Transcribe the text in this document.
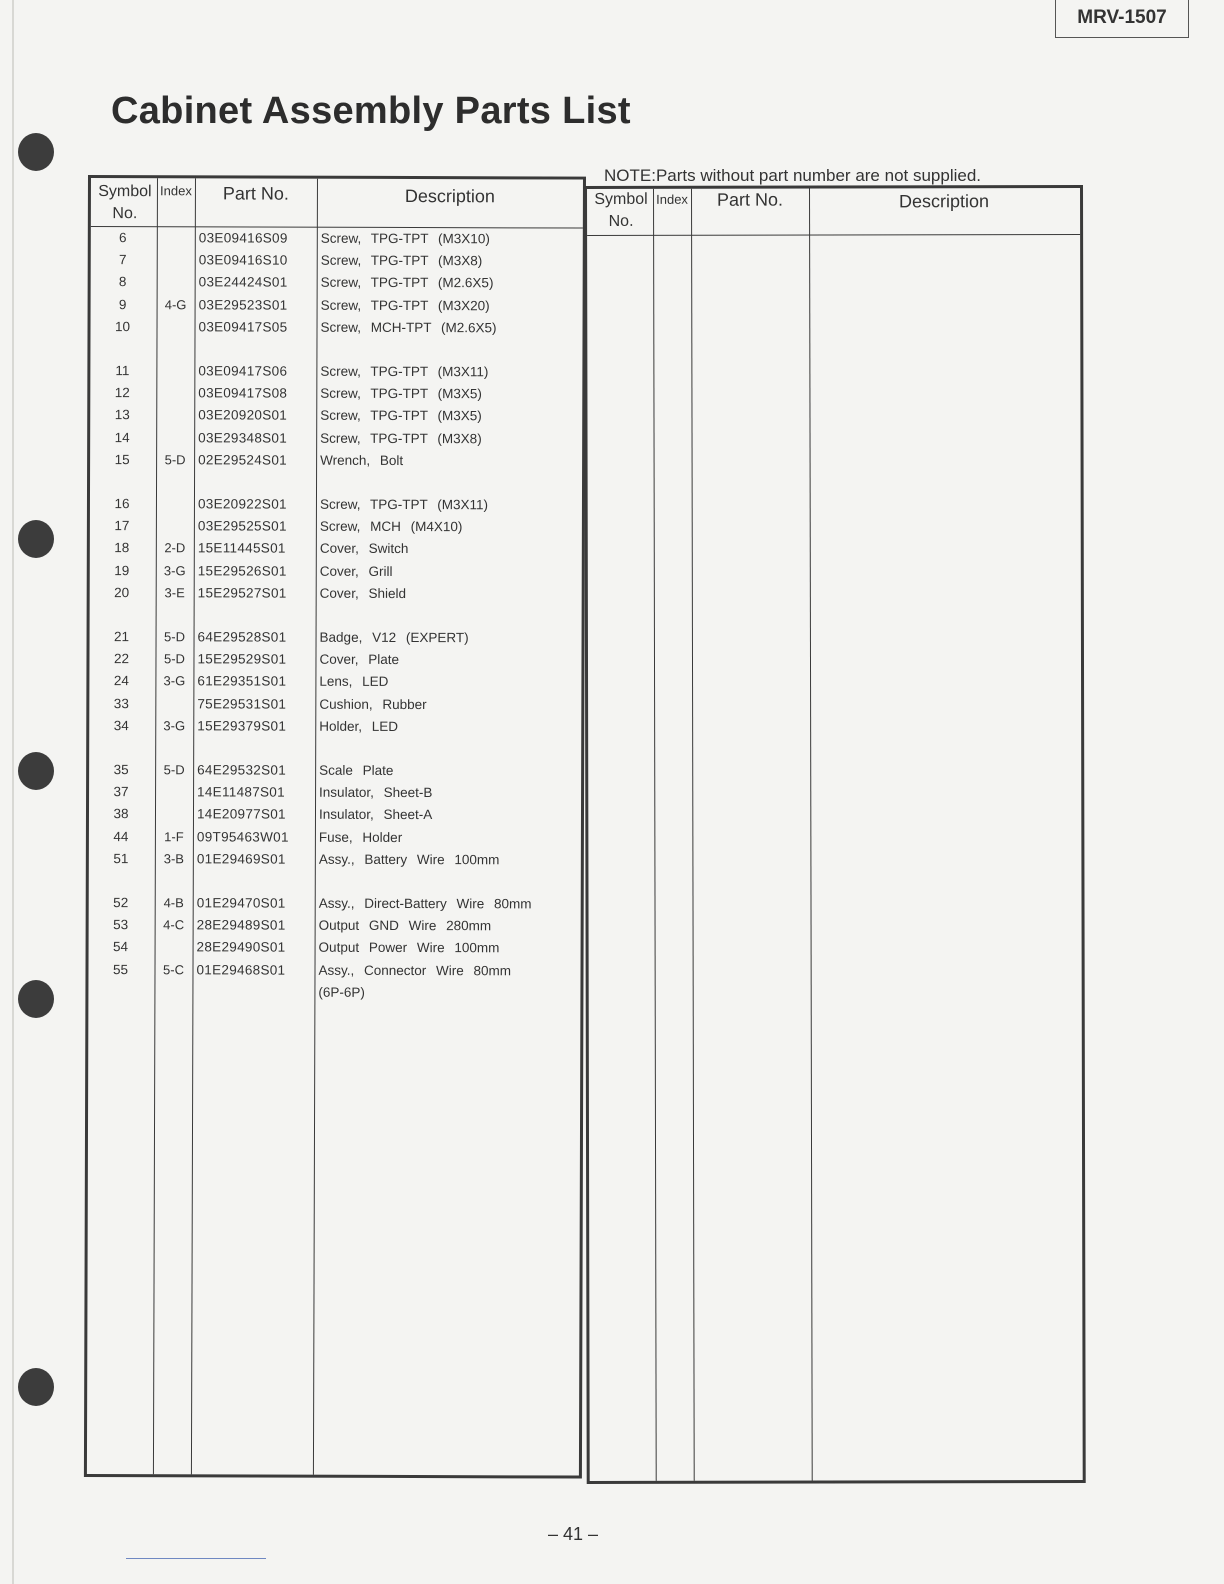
MRV-1507
Cabinet Assembly Parts List
NOTE:Parts without part number are not supplied.
Symbol
No.
Index	Part No.	Description
6	03E09416S09 Screw, TPG-TPT (M3X10)
7	03E09416S10 Screw, TPG-TPT (M3X8)
8	03E24424S01 Screw, TPG-TPT (M2.6X5)
9	4-G 03E29523S01 Screw, TPG-TPT (M3X20)
10	03E09417S05 Screw, MCH-TPT (M2.6X5)
11	03E09417S06 Screw, TPG-TPT (M3X11)
12	03E09417S08 Screw, TPG-TPT (M3X5)
13	03E20920S01 Screw, TPG-TPT (M3X5)
14	03E29348S01 Screw, TPG-TPT (M3X8)
15	5-D 02E29524S01 Wrench, Bolt
16	03E20922S01 Screw, TPG-TPT (M3X11)
17	03E29525S01 Screw, MCH (M4X10)
18	2-D 15E11445S01	Cover, Switch
19	3-G 15E29526S01 Cover, Grill
20	3-E 15E29527S01 Cover, Shield
21	5-D 64E29528S01 Badge, V12 (EXPERT)
22	5-D 15E29529S01 Cover, Plate
24	3-G 61E29351S01 Lens, LED
33	75E29531S01 Cushion, Rubber
34	3-G 15E29379S01 Holder, LED
35	5-D 64E29532S01 Scale Plate
37	14E11487S01	Insulator, Sheet-B
38	14E20977S01 Insulator, Sheet-A
44	1-F 09T95463W01 Fuse, Holder
51	3-B 01E29469S01 Assy., Battery Wire 100mm
52	4-B 01E29470S01 Assy., Direct-Battery Wire 80mm
53	4-C 28E29489S01 Output GND Wire 280mm
54	28E29490S01 Output Power Wire 100mm
55	5-C 01E29468S01 Assy., Connector Wire 80mm
(6P-6P)
Symbol
No.
Index	Part No.	Description
– 41 –
